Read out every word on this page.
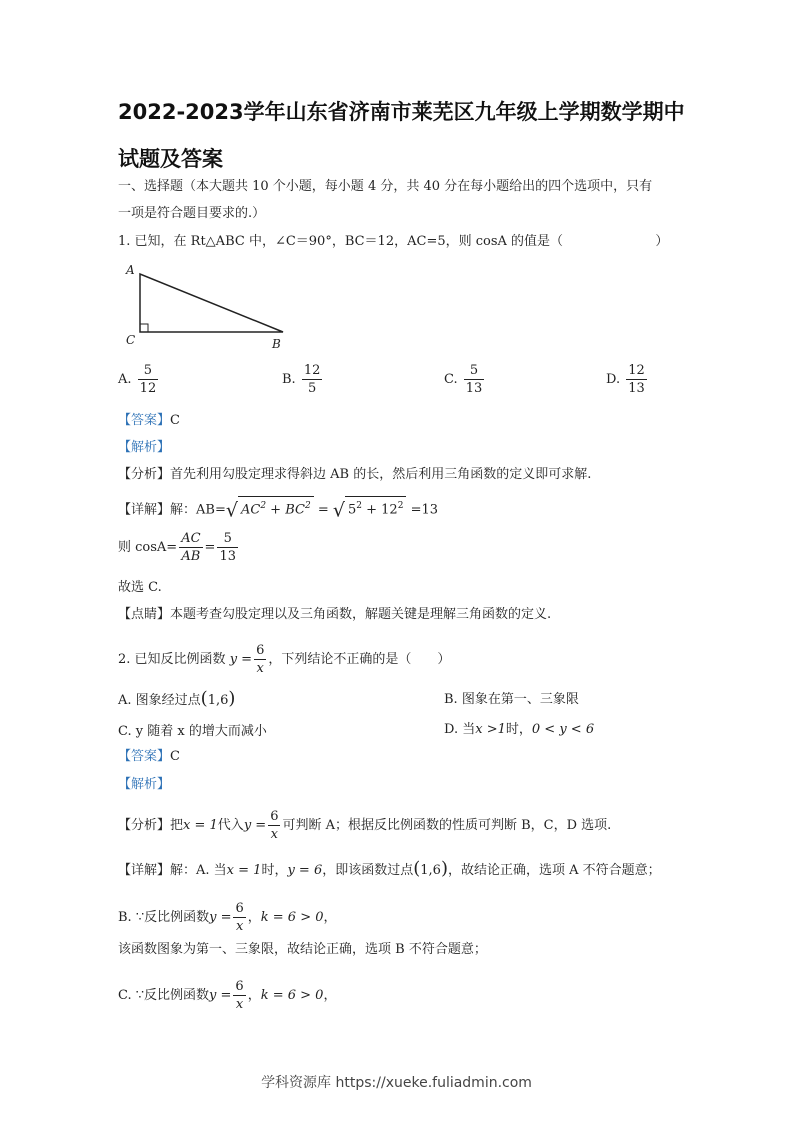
2022-2023学年山东省济南市莱芜区九年级上学期数学期中
试题及答案
一、选择题（本大题共 10 个小题，每小题 4 分，共 40 分在每小题给出的四个选项中，只有
一项是符合题目要求的.）
1. 已知，在 Rt△ABC 中，∠C＝90°，BC＝12，AC=5，则 cosA 的值是（	）
A
C	B
A. $\frac{5}{12}$	B. $\frac{12}{5}$	C. $\frac{5}{13}$	D. $\frac{12}{13}$
【答案】C
【解析】
【分析】首先利用勾股定理求得斜边 AB 的长，然后利用三角函数的定义即可求解.
【详解】解：AB=√ $AC^2 + BC^2$ = √ $5^2 + 12^2 =13$
则 $\cos A= \frac{AC}{AB} = \frac{5}{13}$
故选 C.
【点睛】本题考查勾股定理以及三角函数，解题关键是理解三角函数的定义.
2. 已知反比例函数 $y = \frac{6}{x}$ ，下列结论不正确的是（　　）
A. 图象经过点(1,6)	B. 图象在第一、三象限
C. y 随着 x 的增大而减小	D. 当x >1时，0 < y < 6
【答案】C
【解析】
【分析】把x = 1代入$y = \frac{6}{x}$ 可判断 A；根据反比例函数的性质可判断 B，C，D 选项.
【详解】解：A. 当x = 1时，y = 6，即该函数过点(1,6)，故结论正确，选项 A 不符合题意；
B. ∵反比例函数$y = \frac{6}{x}$ ，k = 6 > 0，
该函数图象为第一、三象限，故结论正确，选项 B 不符合题意；
C. ∵反比例函数$y = \frac{6}{x}$ ，k = 6 > 0，
学科资源库 https://xueke.fuliadmin.com
